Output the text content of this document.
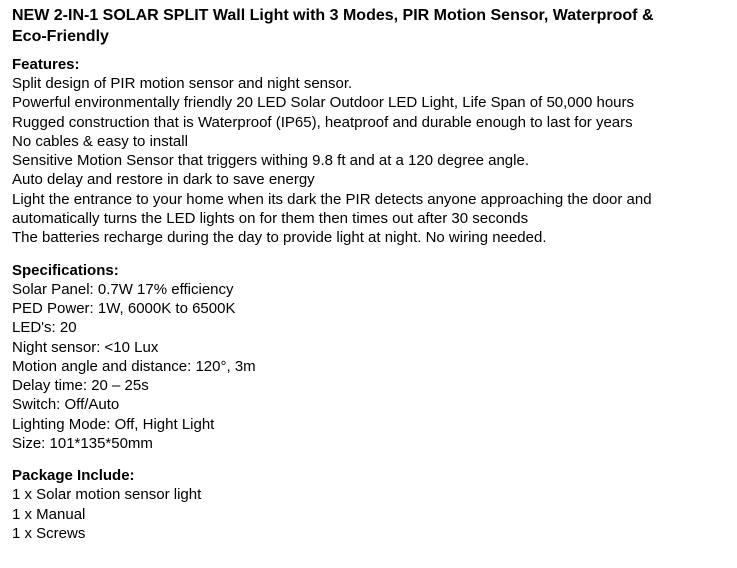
NEW 2-IN-1 SOLAR SPLIT Wall Light with 3 Modes, PIR Motion Sensor, Waterproof & Eco-Friendly
Features:
Split design of PIR motion sensor and night sensor.
Powerful environmentally friendly 20 LED Solar Outdoor LED Light, Life Span of 50,000 hours
Rugged construction that is Waterproof (IP65), heatproof and durable enough to last for years
No cables & easy to install
Sensitive Motion Sensor that triggers withing 9.8 ft and at a 120 degree angle.
Auto delay and restore in dark to save energy
Light the entrance to your home when its dark the PIR detects anyone approaching the door and automatically turns the LED lights on for them then times out after 30 seconds
The batteries recharge during the day to provide light at night. No wiring needed.
Specifications:
Solar Panel: 0.7W 17% efficiency
PED Power: 1W, 6000K to 6500K
LED's: 20
Night sensor: <10 Lux
Motion angle and distance: 120°, 3m
Delay time: 20 – 25s
Switch: Off/Auto
Lighting Mode: Off, Hight Light
Size: 101*135*50mm
Package Include:
1 x Solar motion sensor light
1 x Manual
1 x Screws
